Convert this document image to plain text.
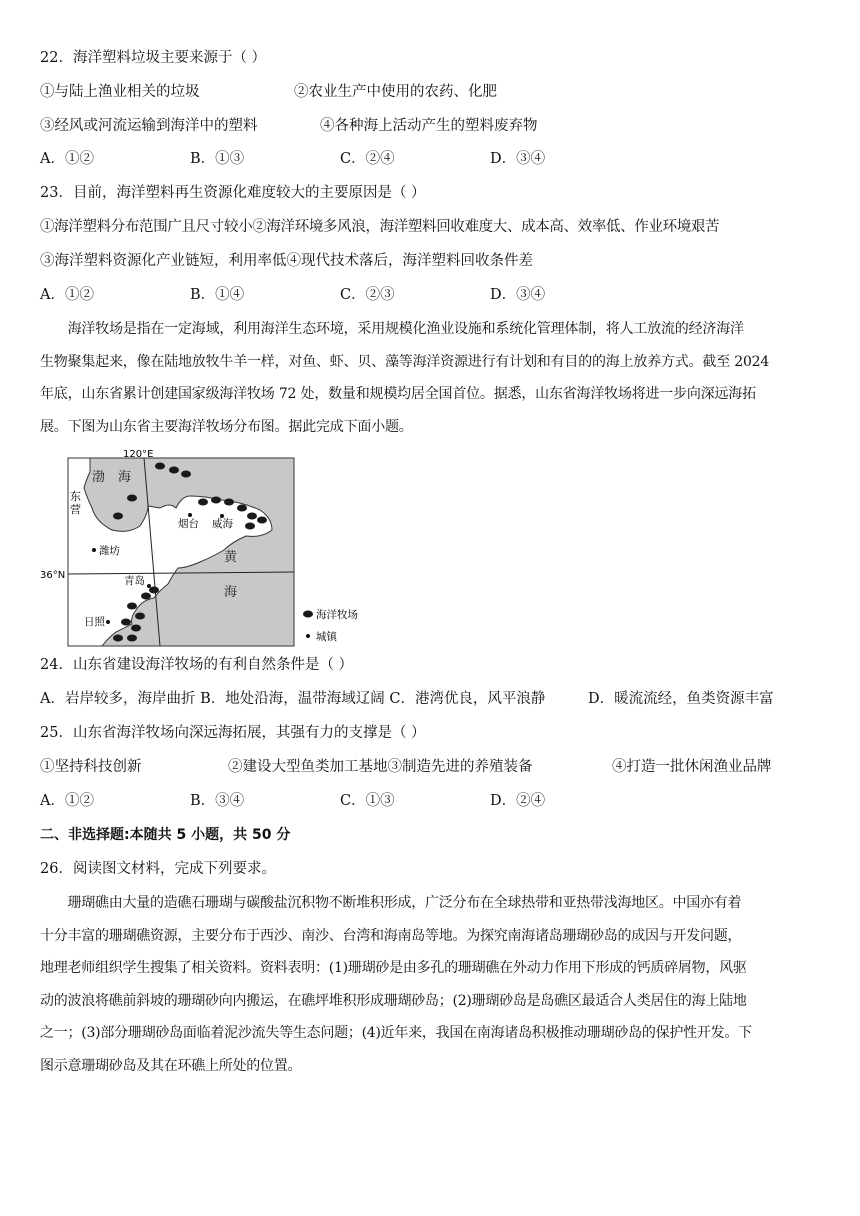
22．海洋塑料垃圾主要来源于（ ）
①与陆上渔业相关的垃圾	②农业生产中使用的农药、化肥
③经风或河流运输到海洋中的塑料	④各种海上活动产生的塑料废弃物
A．①②	B．①③	C．②④	D．③④
23．目前，海洋塑料再生资源化难度较大的主要原因是（ ）
①海洋塑料分布范围广且尺寸较小②海洋环境多风浪，海洋塑料回收难度大、成本高、效率低、作业环境艰苦
③海洋塑料资源化产业链短，利用率低④现代技术落后，海洋塑料回收条件差
A．①②	B．①④	C．②③	D．③④
　　海洋牧场是指在一定海域，利用海洋生态环境，采用规模化渔业设施和系统化管理体制，将人工放流的经济海洋
生物聚集起来，像在陆地放牧牛羊一样，对鱼、虾、贝、藻等海洋资源进行有计划和有目的的海上放养方式。截至 2024
年底，山东省累计创建国家级海洋牧场 72 处，数量和规模均居全国首位。据悉，山东省海洋牧场将进一步向深远海拓
展。下图为山东省主要海洋牧场分布图。据此完成下面小题。
120°E
36°N
渤 海
黄
海
东
营
潍坊
烟台 威海
青岛
日照
海洋牧场
城镇
24．山东省建设海洋牧场的有利自然条件是（ ）
A．岩岸较多，海岸曲折 B．地处沿海，温带海域辽阔 C．港湾优良，风平浪静	D．暖流流经，鱼类资源丰富
25．山东省海洋牧场向深远海拓展，其强有力的支撑是（ ）
①坚持科技创新	②建设大型鱼类加工基地③制造先进的养殖装备	④打造一批休闲渔业品牌
A．①②	B．③④	C．①③	D．②④
二、非选择题:本随共 5 小题，共 50 分
26．阅读图文材料，完成下列要求。
　　珊瑚礁由大量的造礁石珊瑚与碳酸盐沉积物不断堆积形成，广泛分布在全球热带和亚热带浅海地区。中国亦有着
十分丰富的珊瑚礁资源，主要分布于西沙、南沙、台湾和海南岛等地。为探究南海诸岛珊瑚砂岛的成因与开发问题，
地理老师组织学生搜集了相关资料。资料表明：(1)珊瑚砂是由多孔的珊瑚礁在外动力作用下形成的钙质碎屑物，风驱
动的波浪将礁前斜坡的珊瑚砂向内搬运，在礁坪堆积形成珊瑚砂岛；(2)珊瑚砂岛是岛礁区最适合人类居住的海上陆地
之一；(3)部分珊瑚砂岛面临着泥沙流失等生态问题；(4)近年来，我国在南海诸岛积极推动珊瑚砂岛的保护性开发。下
图示意珊瑚砂岛及其在环礁上所处的位置。
